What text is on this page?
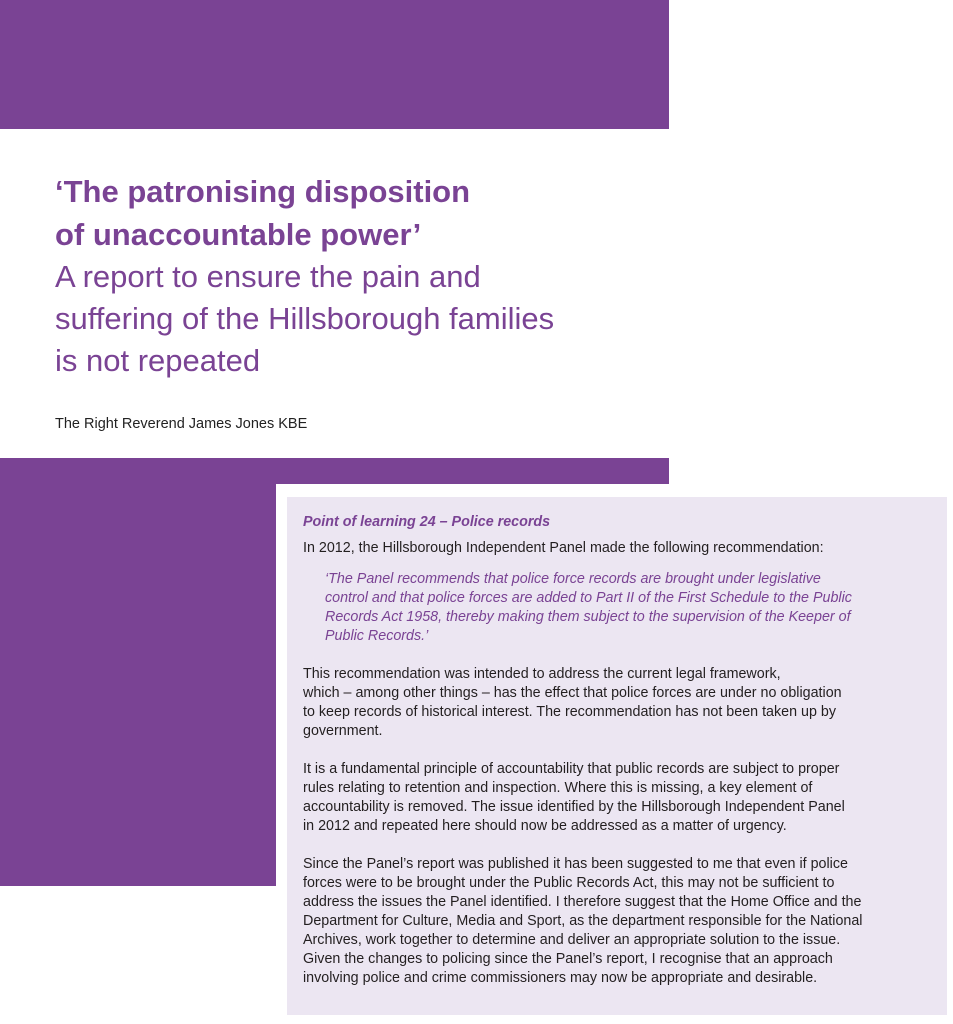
‘The patronising disposition
of unaccountable power’
A report to ensure the pain and
suffering of the Hillsborough families
is not repeated
The Right Reverend James Jones KBE
Point of learning 24 – Police records
In 2012, the Hillsborough Independent Panel made the following recommendation:
‘The Panel recommends that police force records are brought under legislative
control and that police forces are added to Part II of the First Schedule to the Public
Records Act 1958, thereby making them subject to the supervision of the Keeper of
Public Records.’
This recommendation was intended to address the current legal framework,
which – among other things – has the effect that police forces are under no obligation
to keep records of historical interest. The recommendation has not been taken up by
government.
It is a fundamental principle of accountability that public records are subject to proper
rules relating to retention and inspection. Where this is missing, a key element of
accountability is removed. The issue identified by the Hillsborough Independent Panel
in 2012 and repeated here should now be addressed as a matter of urgency.
Since the Panel’s report was published it has been suggested to me that even if police
forces were to be brought under the Public Records Act, this may not be sufficient to
address the issues the Panel identified. I therefore suggest that the Home Office and the
Department for Culture, Media and Sport, as the department responsible for the National
Archives, work together to determine and deliver an appropriate solution to the issue.
Given the changes to policing since the Panel’s report, I recognise that an approach
involving police and crime commissioners may now be appropriate and desirable.
